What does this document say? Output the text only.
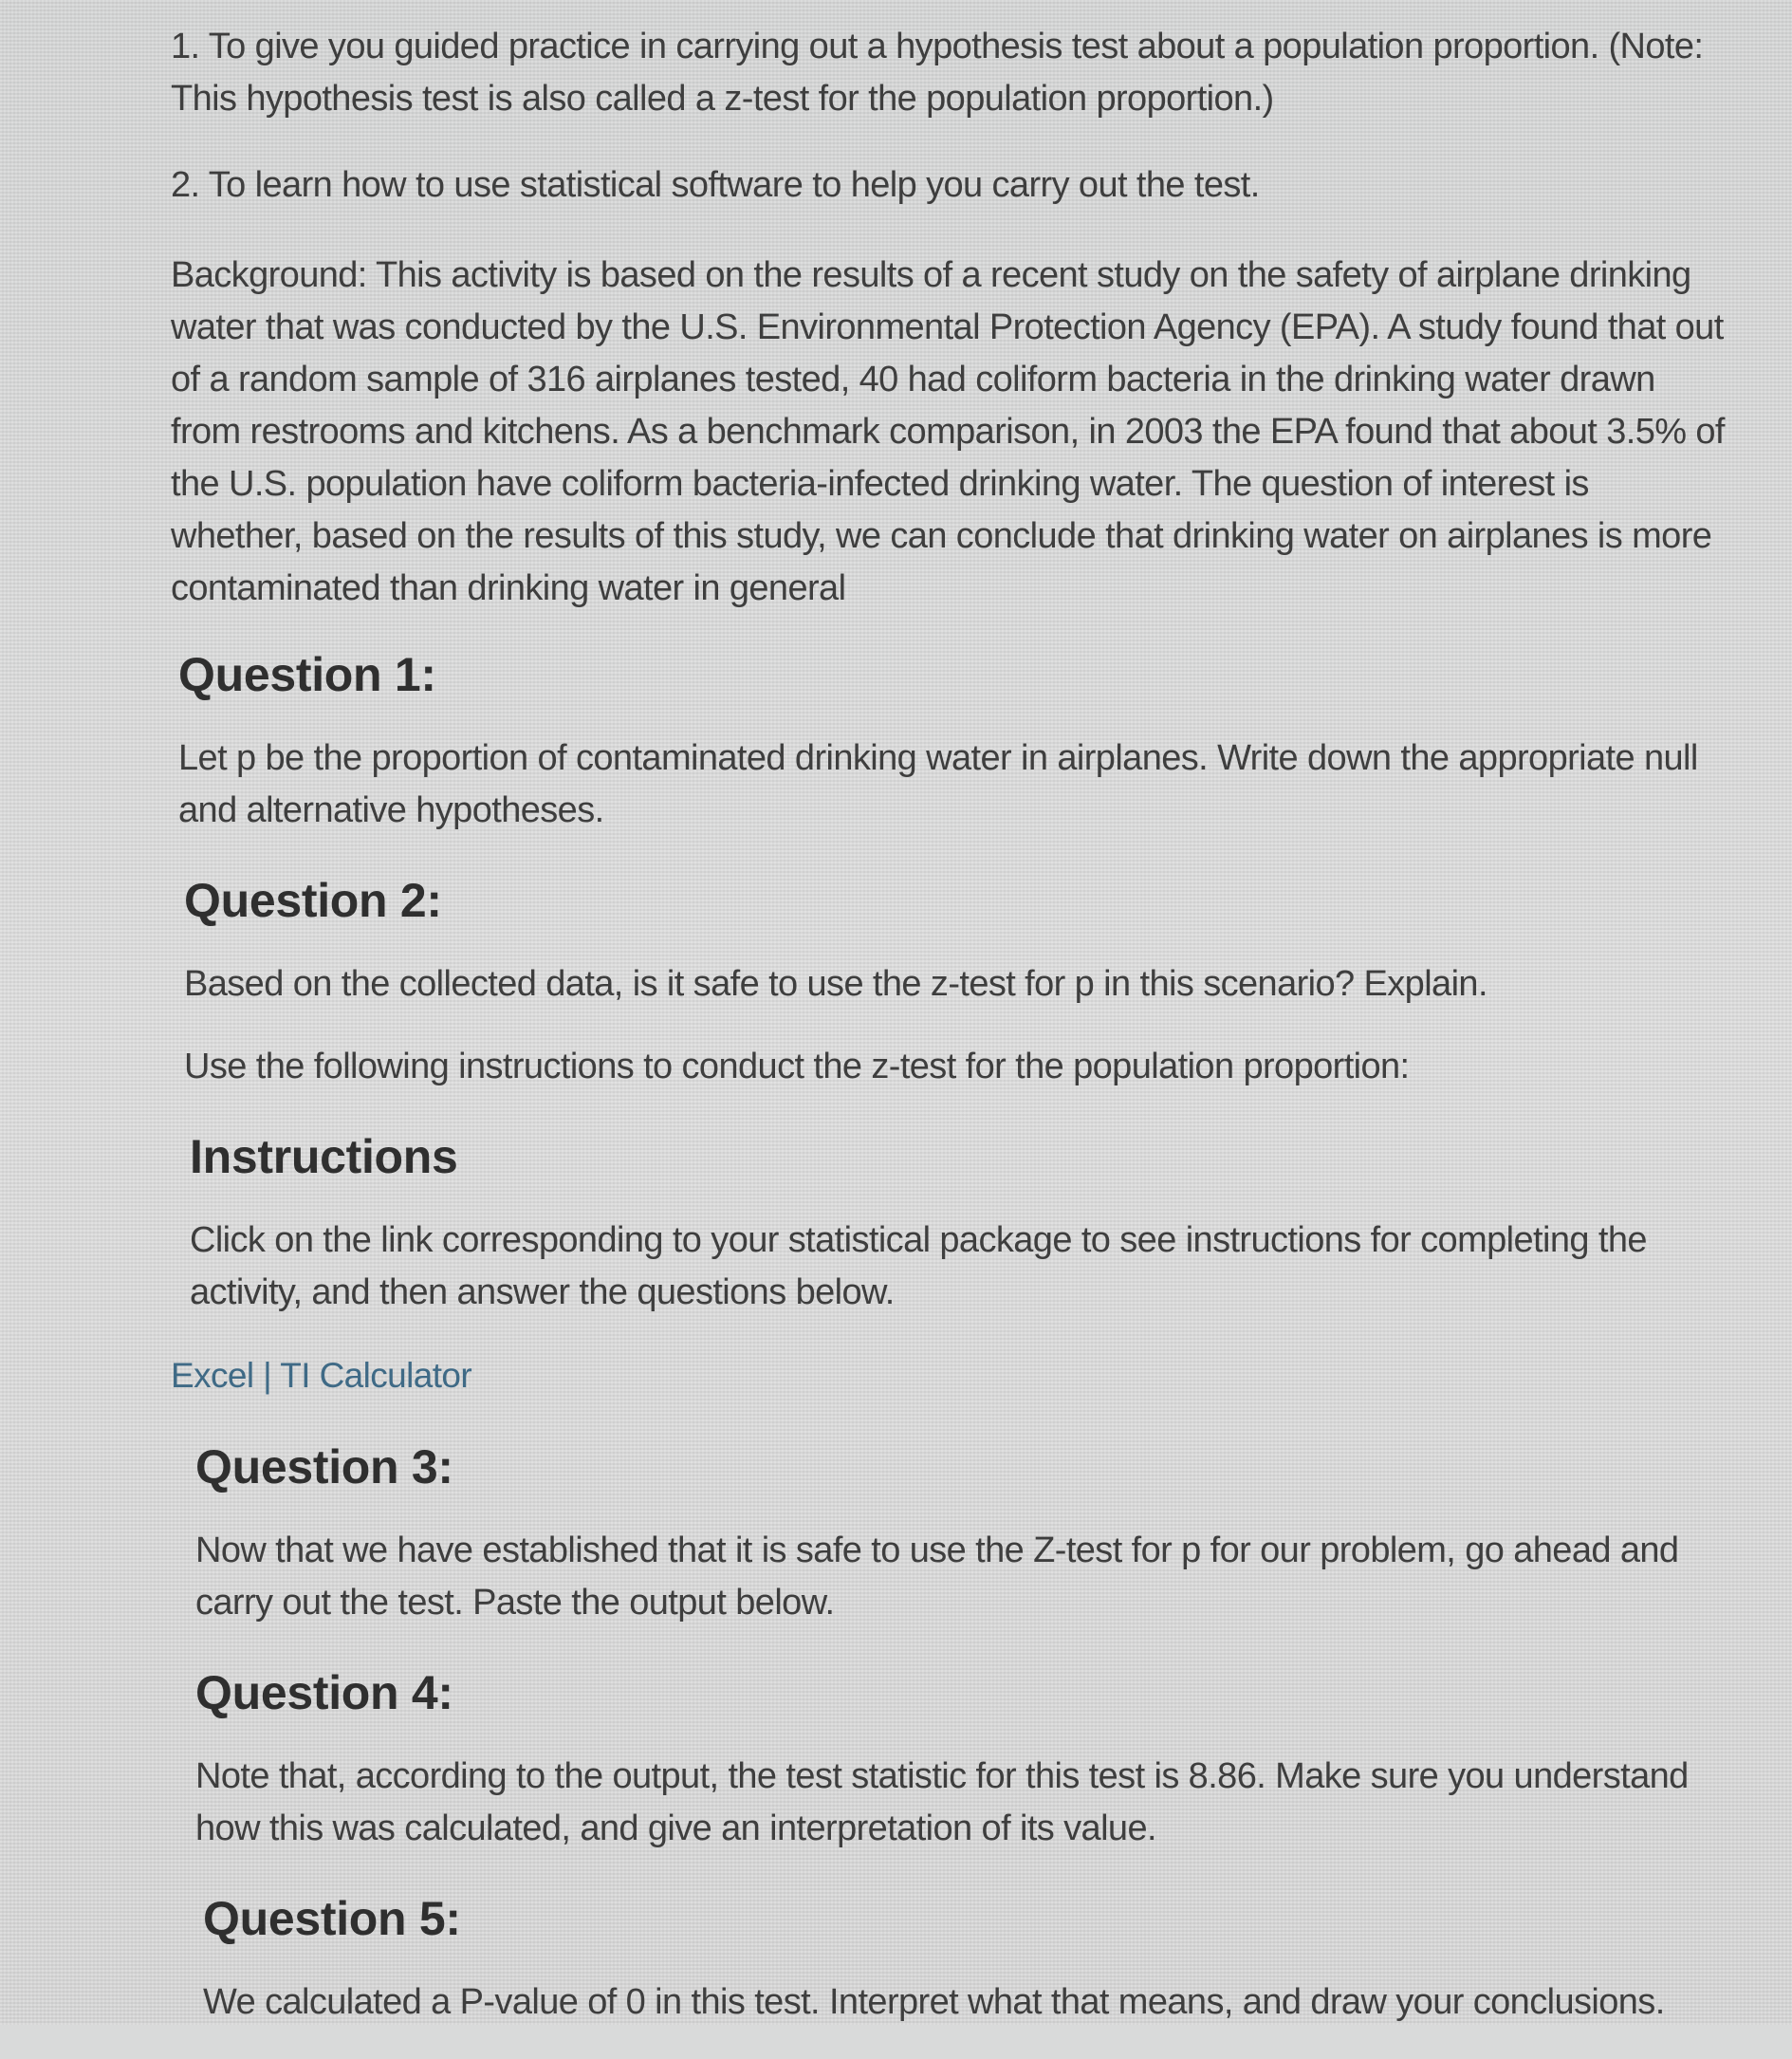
1. To give you guided practice in carrying out a hypothesis test about a population proportion. (Note: This hypothesis test is also called a z-test for the population proportion.)

2. To learn how to use statistical software to help you carry out the test.

Background: This activity is based on the results of a recent study on the safety of airplane drinking water that was conducted by the U.S. Environmental Protection Agency (EPA). A study found that out of a random sample of 316 airplanes tested, 40 had coliform bacteria in the drinking water drawn from restrooms and kitchens. As a benchmark comparison, in 2003 the EPA found that about 3.5% of the U.S. population have coliform bacteria-infected drinking water. The question of interest is whether, based on the results of this study, we can conclude that drinking water on airplanes is more contaminated than drinking water in general

Question 1:

Let p be the proportion of contaminated drinking water in airplanes. Write down the appropriate null and alternative hypotheses.

Question 2:

Based on the collected data, is it safe to use the z-test for p in this scenario? Explain.

Use the following instructions to conduct the z-test for the population proportion:

Instructions

Click on the link corresponding to your statistical package to see instructions for completing the activity, and then answer the questions below.

Excel | TI Calculator
Question 3:

Now that we have established that it is safe to use the Z-test for p for our problem, go ahead and carry out the test. Paste the output below.

Question 4:

Note that, according to the output, the test statistic for this test is 8.86. Make sure you understand how this was calculated, and give an interpretation of its value.

Question 5:

We calculated a P-value of 0 in this test. Interpret what that means, and draw your conclusions.
